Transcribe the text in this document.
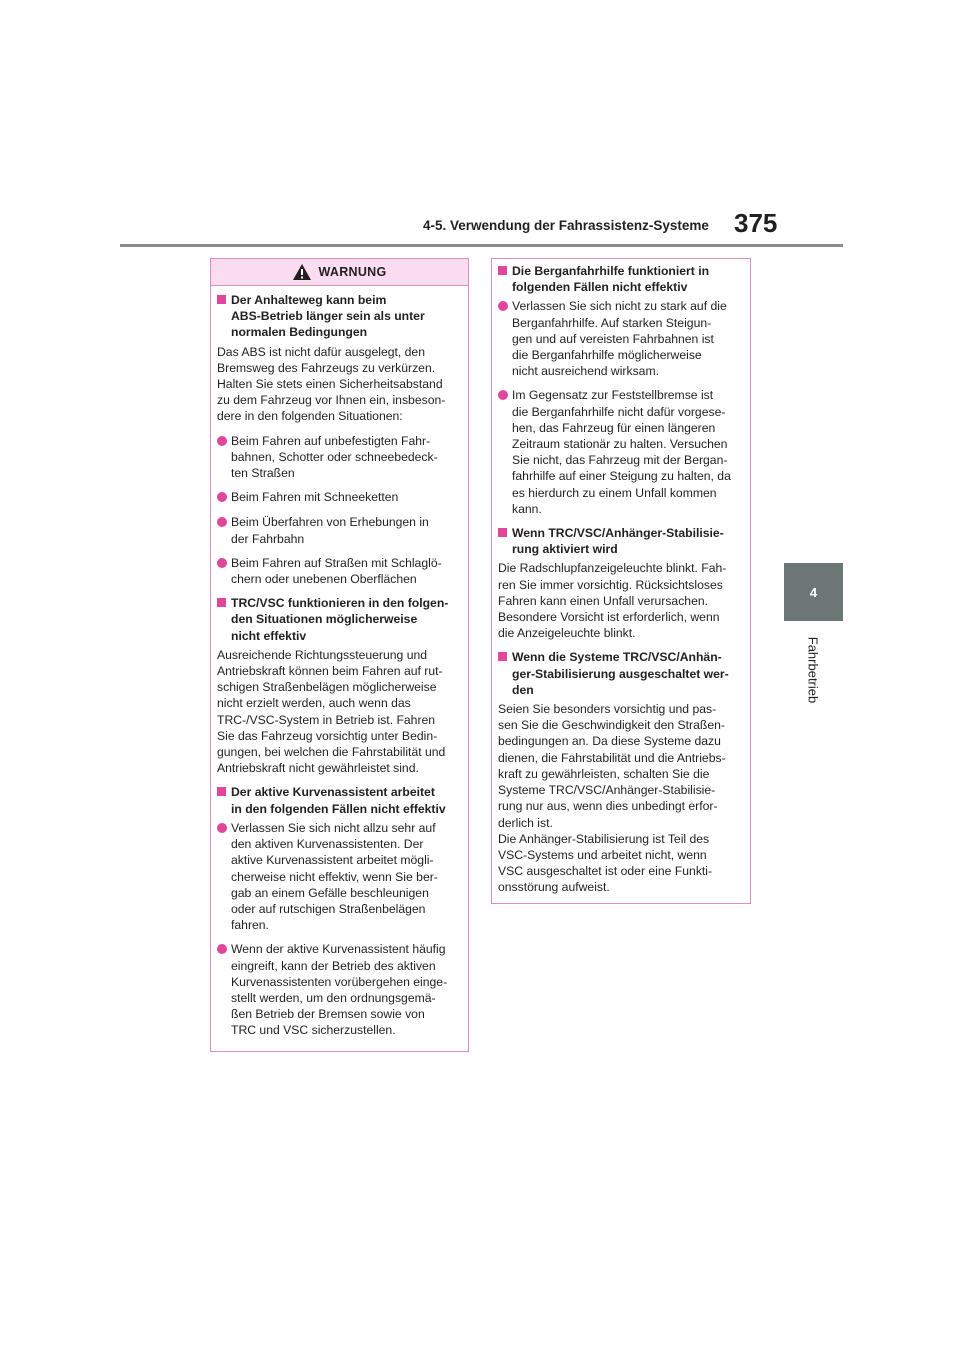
4-5. Verwendung der Fahrassistenz-Systeme 375
4
Fahrbetrieb
WARNUNG
Der Anhalteweg kann beim
ABS-Betrieb länger sein als unter
normalen Bedingungen
Das ABS ist nicht dafür ausgelegt, den
Bremsweg des Fahrzeugs zu verkürzen.
Halten Sie stets einen Sicherheitsabstand
zu dem Fahrzeug vor Ihnen ein, insbeson-
dere in den folgenden Situationen:
Beim Fahren auf unbefestigten Fahr-
bahnen, Schotter oder schneebedeck-
ten Straßen
Beim Fahren mit Schneeketten
Beim Überfahren von Erhebungen in
der Fahrbahn
Beim Fahren auf Straßen mit Schlaglö-
chern oder unebenen Oberflächen
TRC/VSC funktionieren in den folgen-
den Situationen möglicherweise
nicht effektiv
Ausreichende Richtungssteuerung und
Antriebskraft können beim Fahren auf rut-
schigen Straßenbelägen möglicherweise
nicht erzielt werden, auch wenn das
TRC-/VSC-System in Betrieb ist. Fahren
Sie das Fahrzeug vorsichtig unter Bedin-
gungen, bei welchen die Fahrstabilität und
Antriebskraft nicht gewährleistet sind.
Der aktive Kurvenassistent arbeitet
in den folgenden Fällen nicht effektiv
Verlassen Sie sich nicht allzu sehr auf
den aktiven Kurvenassistenten. Der
aktive Kurvenassistent arbeitet mögli-
cherweise nicht effektiv, wenn Sie ber-
gab an einem Gefälle beschleunigen
oder auf rutschigen Straßenbelägen
fahren.
Wenn der aktive Kurvenassistent häufig
eingreift, kann der Betrieb des aktiven
Kurvenassistenten vorübergehen einge-
stellt werden, um den ordnungsgemä-
ßen Betrieb der Bremsen sowie von
TRC und VSC sicherzustellen.
Die Berganfahrhilfe funktioniert in
folgenden Fällen nicht effektiv
Verlassen Sie sich nicht zu stark auf die
Berganfahrhilfe. Auf starken Steigun-
gen und auf vereisten Fahrbahnen ist
die Berganfahrhilfe möglicherweise
nicht ausreichend wirksam.
Im Gegensatz zur Feststellbremse ist
die Berganfahrhilfe nicht dafür vorgese-
hen, das Fahrzeug für einen längeren
Zeitraum stationär zu halten. Versuchen
Sie nicht, das Fahrzeug mit der Bergan-
fahrhilfe auf einer Steigung zu halten, da
es hierdurch zu einem Unfall kommen
kann.
Wenn TRC/VSC/Anhänger-Stabilisie-
rung aktiviert wird
Die Radschlupfanzeigeleuchte blinkt. Fah-
ren Sie immer vorsichtig. Rücksichtsloses
Fahren kann einen Unfall verursachen.
Besondere Vorsicht ist erforderlich, wenn
die Anzeigeleuchte blinkt.
Wenn die Systeme TRC/VSC/Anhän-
ger-Stabilisierung ausgeschaltet wer-
den
Seien Sie besonders vorsichtig und pas-
sen Sie die Geschwindigkeit den Straßen-
bedingungen an. Da diese Systeme dazu
dienen, die Fahrstabilität und die Antriebs-
kraft zu gewährleisten, schalten Sie die
Systeme TRC/VSC/Anhänger-Stabilisie-
rung nur aus, wenn dies unbedingt erfor-
derlich ist.
Die Anhänger-Stabilisierung ist Teil des
VSC-Systems und arbeitet nicht, wenn
VSC ausgeschaltet ist oder eine Funkti-
onsstörung aufweist.
